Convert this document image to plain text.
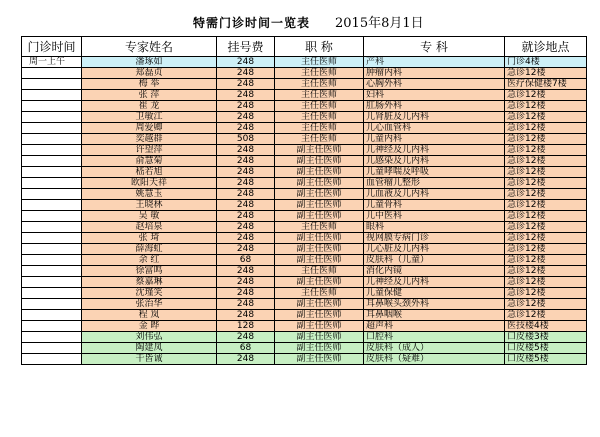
特需门诊时间一览表 2015年8月1日
门诊时间	专家姓名	挂号费	职 称	专 科	就诊地点
周一上午	潘琢如	248	主任医师	产科	门诊4楼
	郑磊贞	248	主任医师	肿瘤内科	急诊12楼
	梅 举	248	主任医师	心胸外科	医疗保健楼7楼
	张 萍	248	主任医师	妇科	急诊12楼
	崔 龙	248	主任医师	肛肠外科	急诊12楼
	卫敏江	248	主任医师	儿肾脏及儿内科	急诊12楼
	周爱卿	248	主任医师	儿心血管科	急诊12楼
	奕越群	508	主任医师	儿童内科	急诊12楼
	许望萍	248	副主任医师	儿神经及儿内科	急诊12楼
	俞慧菊	248	副主任医师	儿感染及儿内科	急诊12楼
	嵇若旭	248	副主任医师	儿童哮喘及呼吸	急诊12楼
	欧阳天祥	248	副主任医师	血管瘤儿整形	急诊12楼
	姚慧玉	248	副主任医师	儿血液及儿内科	急诊12楼
	王晓林	248	副主任医师	儿童骨科	急诊12楼
	吴 敏	248	副主任医师	儿中医科	急诊12楼
	赵培泉	248	主任医师	眼科	急诊12楼
	张 琦	248	副主任医师	视网膜专病门诊	急诊12楼
	薛海虹	248	副主任医师	儿心脏及儿内科	急诊12楼
	余 红	68	副主任医师	皮肤科（儿童）	急诊12楼
	徐富鸣	248	主任医师	消化内镜	急诊12楼
	蔡嘉琳	248	副主任医师	儿神经及儿内科	急诊12楼
	沈瑾笑	248	主任医师	儿童保健	急诊12楼
	张治华	248	副主任医师	耳鼻喉头颈外科	急诊12楼
	程 岚	248	副主任医师	耳鼻咽喉	急诊12楼
	金 晔	128	副主任医师	超声科	医技楼4楼
	刘伟弘	248	副主任医师	口腔科	口皮楼3楼
	陶建凤	68	副主任医师	皮肤科（成人）	口皮楼5楼
	干皆诚	248	副主任医师	皮肤科（疑难）	口皮楼5楼
